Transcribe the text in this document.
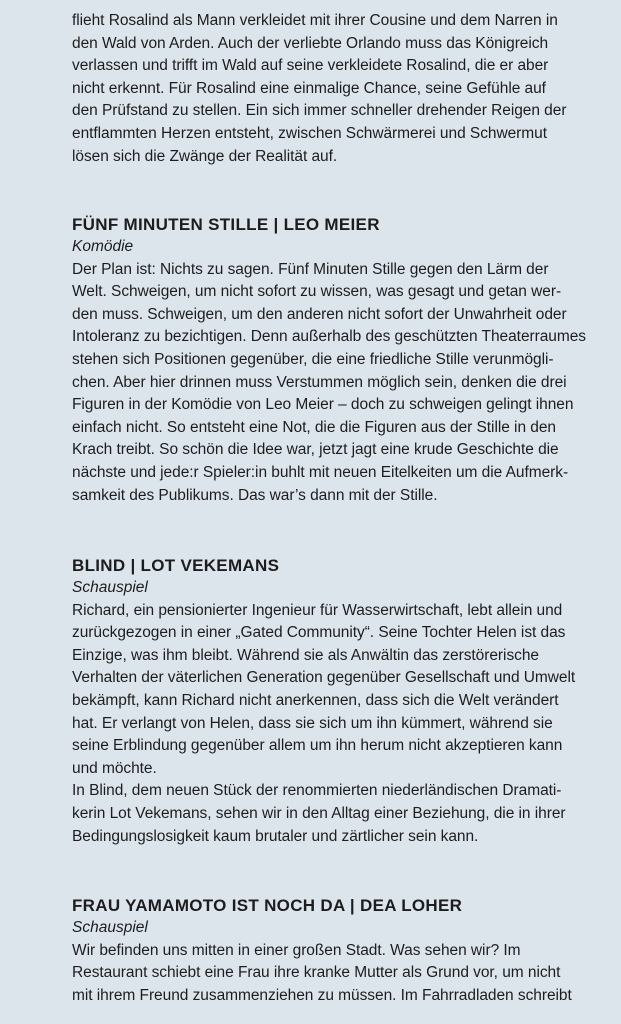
flieht Rosalind als Mann verkleidet mit ihrer Cousine und dem Narren in
den Wald von Arden. Auch der verliebte Orlando muss das Königreich
verlassen und trifft im Wald auf seine verkleidete Rosalind, die er aber
nicht erkennt. Für Rosalind eine einmalige Chance, seine Gefühle auf
den Prüfstand zu stellen. Ein sich immer schneller drehender Reigen der
entflammten Herzen entsteht, zwischen Schwärmerei und Schwermut
lösen sich die Zwänge der Realität auf.
FÜNF MINUTEN STILLE | LEO MEIER
Komödie
Der Plan ist: Nichts zu sagen. Fünf Minuten Stille gegen den Lärm der
Welt. Schweigen, um nicht sofort zu wissen, was gesagt und getan wer-
den muss. Schweigen, um den anderen nicht sofort der Unwahrheit oder
Intoleranz zu bezichtigen. Denn außerhalb des geschützten Theaterraumes
stehen sich Positionen gegenüber, die eine friedliche Stille verunmögli-
chen. Aber hier drinnen muss Verstummen möglich sein, denken die drei
Figuren in der Komödie von Leo Meier – doch zu schweigen gelingt ihnen
einfach nicht. So entsteht eine Not, die die Figuren aus der Stille in den
Krach treibt. So schön die Idee war, jetzt jagt eine krude Geschichte die
nächste und jede:r Spieler:in buhlt mit neuen Eitelkeiten um die Aufmerk-
samkeit des Publikums. Das war’s dann mit der Stille.
BLIND | LOT VEKEMANS
Schauspiel
Richard, ein pensionierter Ingenieur für Wasserwirtschaft, lebt allein und
zurückgezogen in einer „Gated Community“. Seine Tochter Helen ist das
Einzige, was ihm bleibt. Während sie als Anwältin das zerstörerische
Verhalten der väterlichen Generation gegenüber Gesellschaft und Umwelt
bekämpft, kann Richard nicht anerkennen, dass sich die Welt verändert
hat. Er verlangt von Helen, dass sie sich um ihn kümmert, während sie
seine Erblindung gegenüber allem um ihn herum nicht akzeptieren kann
und möchte.
In Blind, dem neuen Stück der renommierten niederländischen Dramati-
kerin Lot Vekemans, sehen wir in den Alltag einer Beziehung, die in ihrer
Bedingungslosigkeit kaum brutaler und zärtlicher sein kann.
FRAU YAMAMOTO IST NOCH DA | DEA LOHER
Schauspiel
Wir befinden uns mitten in einer großen Stadt. Was sehen wir? Im
Restaurant schiebt eine Frau ihre kranke Mutter als Grund vor, um nicht
mit ihrem Freund zusammenziehen zu müssen. Im Fahrradladen schreibt
